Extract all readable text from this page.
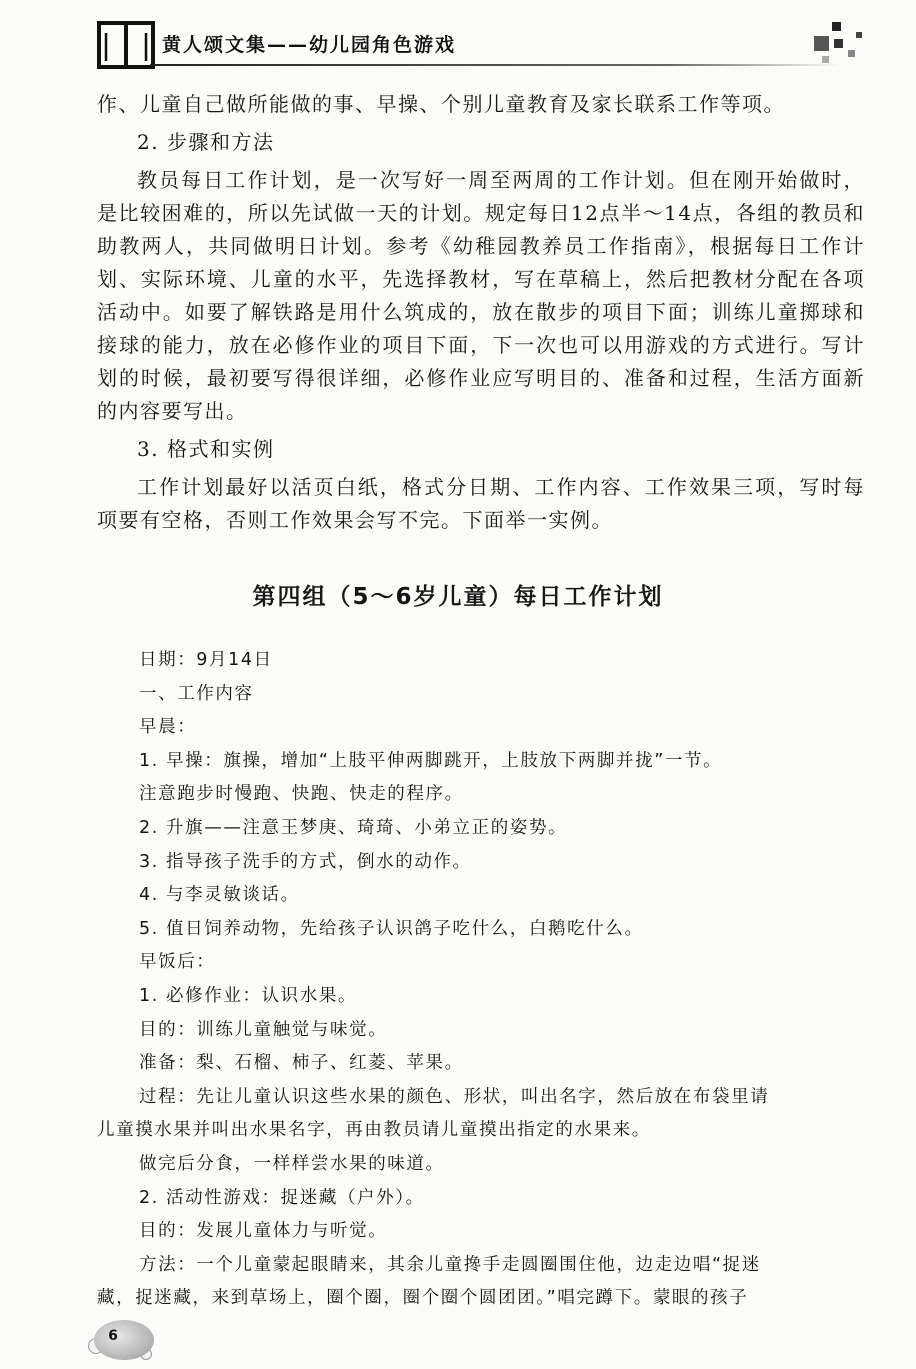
黄人颂文集——幼儿园角色游戏

作、儿童自己做所能做的事、早操、个别儿童教育及家长联系工作等项。

2. 步骤和方法

教员每日工作计划，是一次写好一周至两周的工作计划。但在刚开始做时，是比较困难的，所以先试做一天的计划。规定每日12点半～14点，各组的教员和助教两人，共同做明日计划。参考《幼稚园教养员工作指南》，根据每日工作计划、实际环境、儿童的水平，先选择教材，写在草稿上，然后把教材分配在各项活动中。如要了解铁路是用什么筑成的，放在散步的项目下面；训练儿童掷球和接球的能力，放在必修作业的项目下面，下一次也可以用游戏的方式进行。写计划的时候，最初要写得很详细，必修作业应写明目的、准备和过程，生活方面新的内容要写出。

3. 格式和实例

工作计划最好以活页白纸，格式分日期、工作内容、工作效果三项，写时每项要有空格，否则工作效果会写不完。下面举一实例。

第四组（5～6岁儿童）每日工作计划

日期：9月14日

一、工作内容

早晨：

1. 早操：旗操，增加“上肢平伸两脚跳开，上肢放下两脚并拢”一节。

注意跑步时慢跑、快跑、快走的程序。

2. 升旗——注意王梦庚、琦琦、小弟立正的姿势。

3. 指导孩子洗手的方式，倒水的动作。

4. 与李灵敏谈话。

5. 值日饲养动物，先给孩子认识鸽子吃什么，白鹅吃什么。

早饭后：

1. 必修作业：认识水果。

目的：训练儿童触觉与味觉。

准备：梨、石榴、柿子、红菱、苹果。

过程：先让儿童认识这些水果的颜色、形状，叫出名字，然后放在布袋里请

儿童摸水果并叫出水果名字，再由教员请儿童摸出指定的水果来。

做完后分食，一样样尝水果的味道。

2. 活动性游戏：捉迷藏（户外）。

目的：发展儿童体力与听觉。

方法：一个儿童蒙起眼睛来，其余儿童搀手走圆圈围住他，边走边唱“捉迷

藏，捉迷藏，来到草场上，圈个圈，圈个圈个圆团团。”唱完蹲下。蒙眼的孩子

6
